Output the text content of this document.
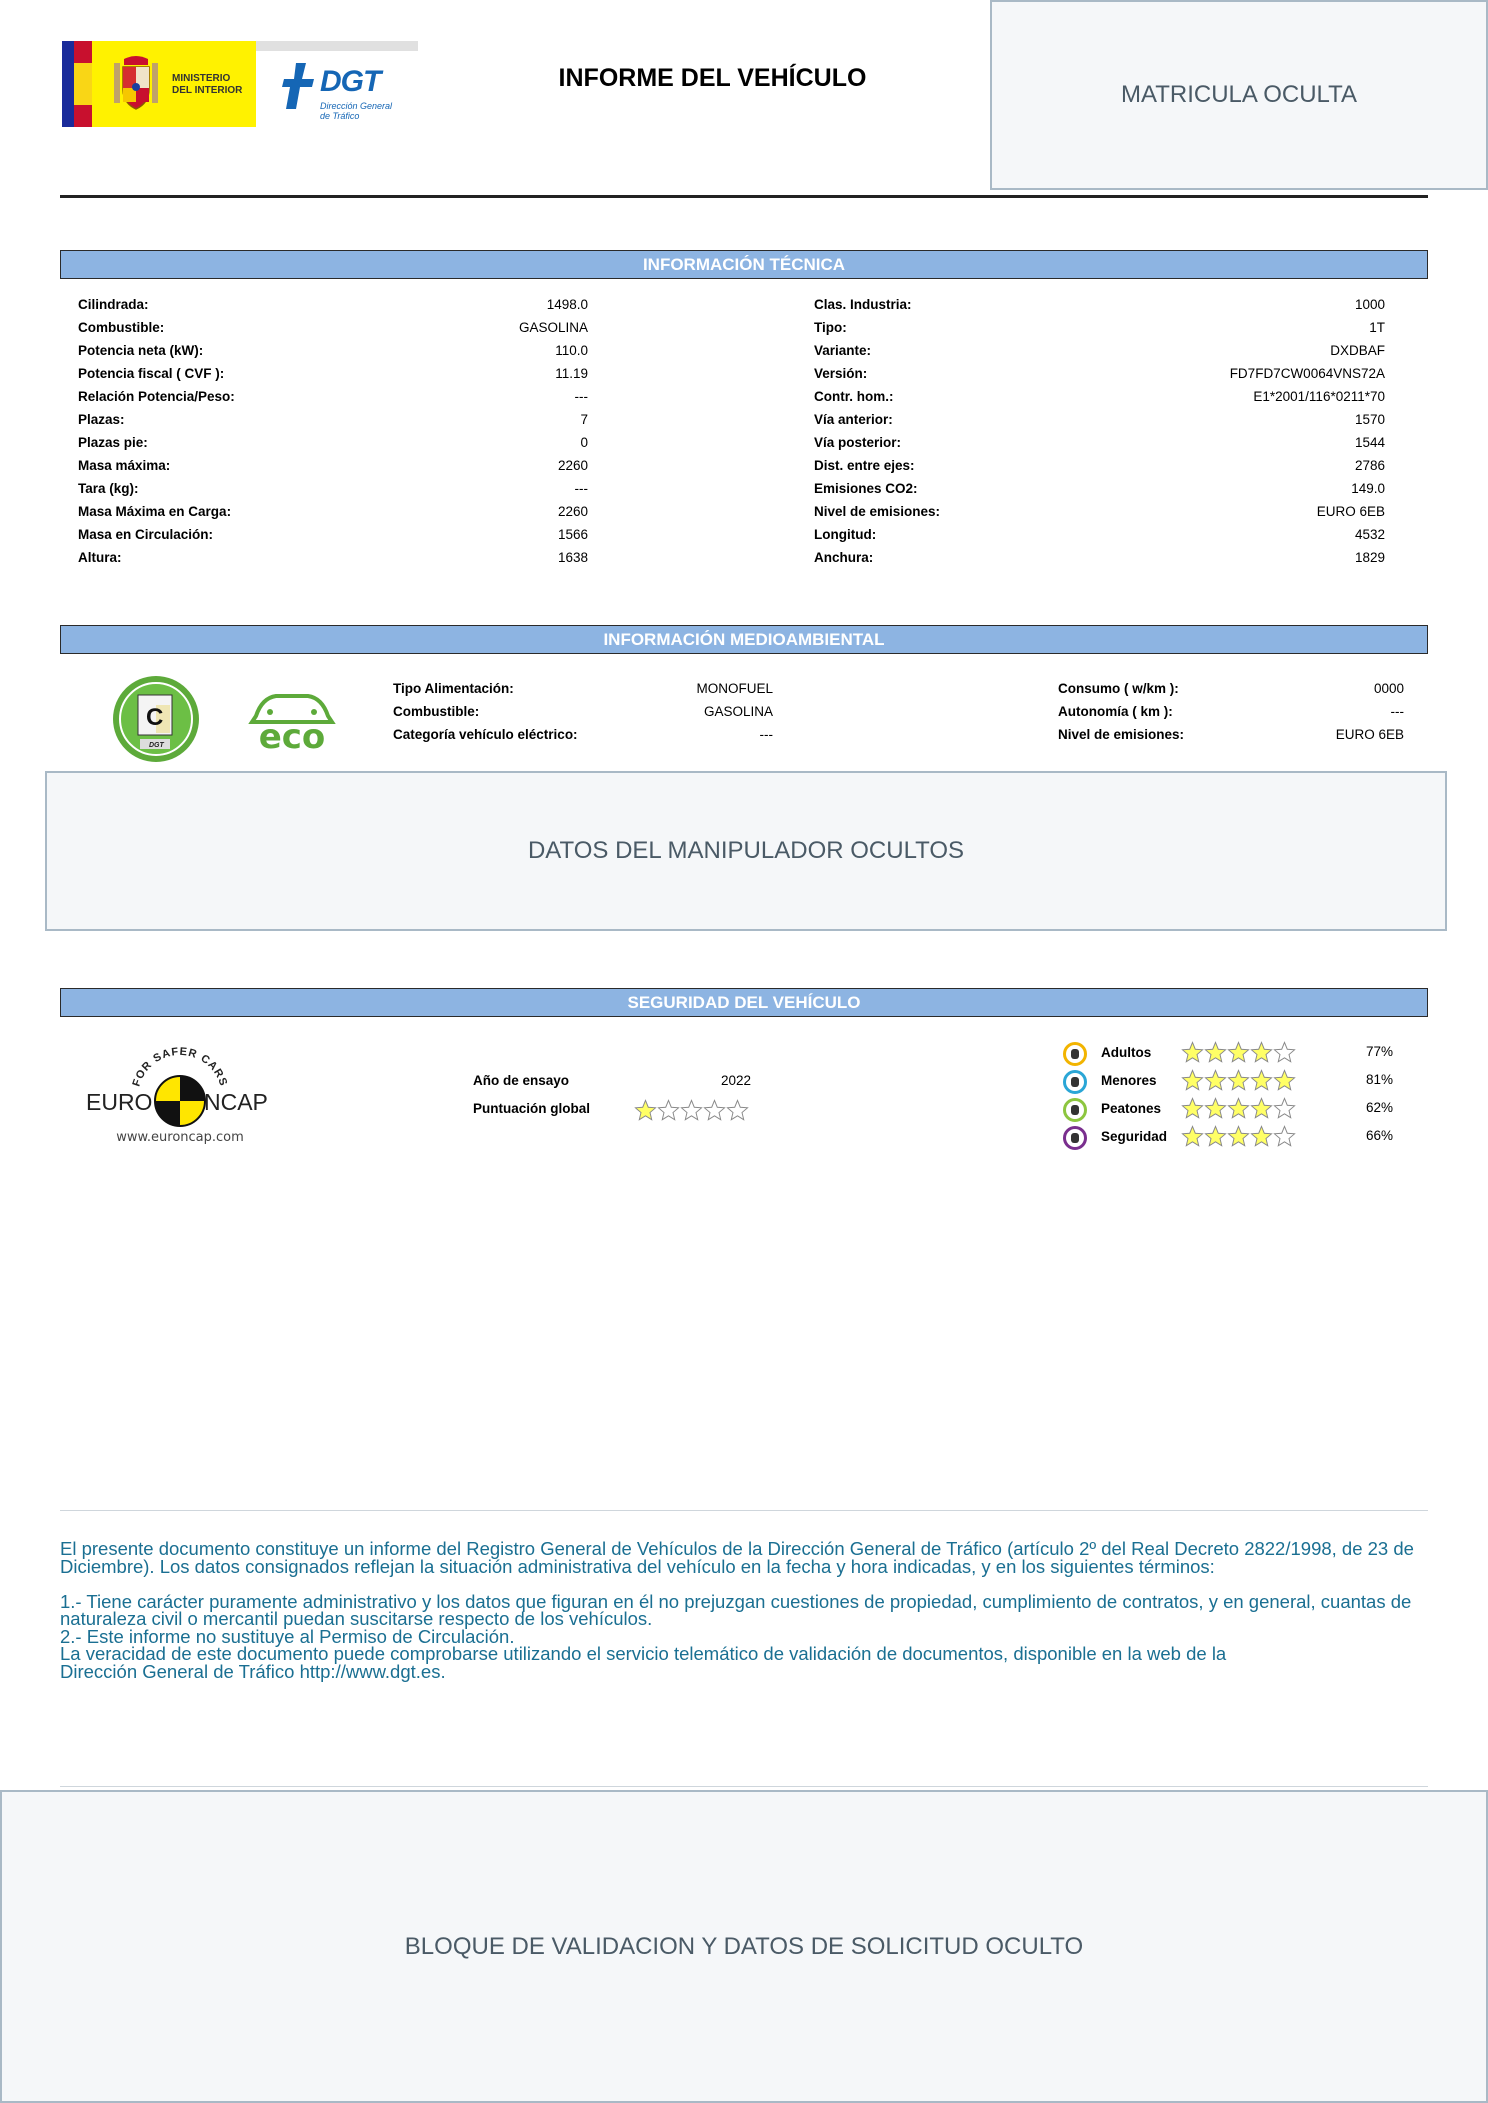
MINISTERIO
DEL INTERIOR	DGT
Dirección General
de Tráfico
INFORME DEL VEHÍCULO
MATRICULA OCULTA
INFORMACIÓN TÉCNICA
Cilindrada:	1498.0
Combustible:	GASOLINA
Potencia neta (kW):	110.0
Potencia fiscal ( CVF ):	11.19
Relación Potencia/Peso:	---
Plazas:	7
Plazas pie:	0
Masa máxima:	2260
Tara (kg):	---
Masa Máxima en Carga:	2260
Masa en Circulación:	1566
Altura:	1638
Clas. Industria:	1000
Tipo:	1T
Variante:	DXDBAF
Versión:	FD7FD7CW0064VNS72A
Contr. hom.:	E1*2001/116*0211*70
Vía anterior:	1570
Vía posterior:	1544
Dist. entre ejes:	2786
Emisiones CO2:	149.0
Nivel de emisiones:	EURO 6EB
Longitud:	4532
Anchura:	1829
INFORMACIÓN MEDIOAMBIENTAL
C
DGT	eco
Tipo Alimentación:	MONOFUEL
Combustible:	GASOLINA
Categoría vehículo eléctrico:	---
Consumo ( w/km ):	0000
Autonomía ( km ):	---
Nivel de emisiones:	EURO 6EB
DATOS DEL MANIPULADOR OCULTOS
SEGURIDAD DEL VEHÍCULO
FOR SAFER CARS
EURO NCAP
www.euroncap.com
Año de ensayo	2022
Puntuación global
Adultos	77%
Menores	81%
Peatones	62%
Seguridad	66%

El presente documento constituye un informe del Registro General de Vehículos de la Dirección General de Tráfico (artículo 2º del Real Decreto 2822/1998, de 23 de Diciembre). Los datos consignados reflejan la situación administrativa del vehículo en la fecha y hora indicadas, y en los siguientes términos:

1.- Tiene carácter puramente administrativo y los datos que figuran en él no prejuzgan cuestiones de propiedad, cumplimiento de contratos, y en general, cuantas de naturaleza civil o mercantil puedan suscitarse respecto de los vehículos.

2.- Este informe no sustituye al Permiso de Circulación.

La veracidad de este documento puede comprobarse utilizando el servicio telemático de validación de documentos, disponible en la web de la

Dirección General de Tráfico http://www.dgt.es.

BLOQUE DE VALIDACION Y DATOS DE SOLICITUD OCULTO
